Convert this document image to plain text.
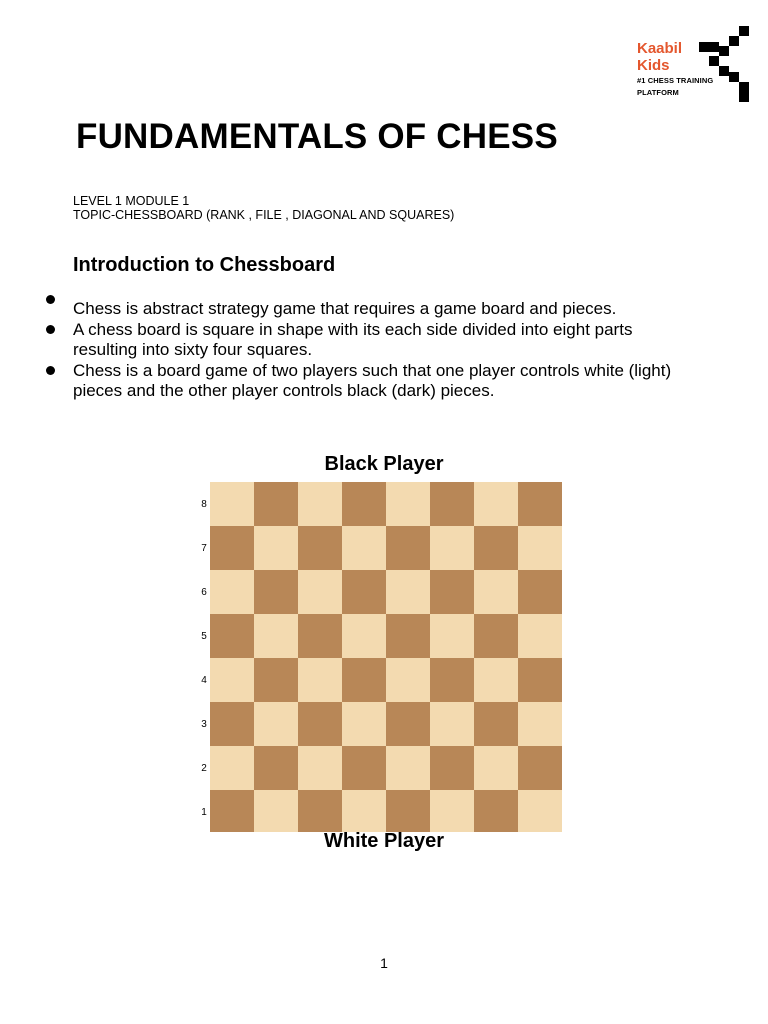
Kaabil
Kids
#1 CHESS TRAINING
PLATFORM
FUNDAMENTALS OF CHESS
LEVEL 1 MODULE 1
TOPIC-CHESSBOARD (RANK , FILE , DIAGONAL AND SQUARES)
Introduction to Chessboard
Chess is abstract strategy game that requires a game board and pieces.
A chess board is square in shape with its each side divided into eight parts resulting into sixty four squares.
Chess is a board game of two players such that one player controls white (light) pieces and the other player controls black (dark) pieces.
Black Player
8
7
6
5
4
3
2
1
White Player
1
